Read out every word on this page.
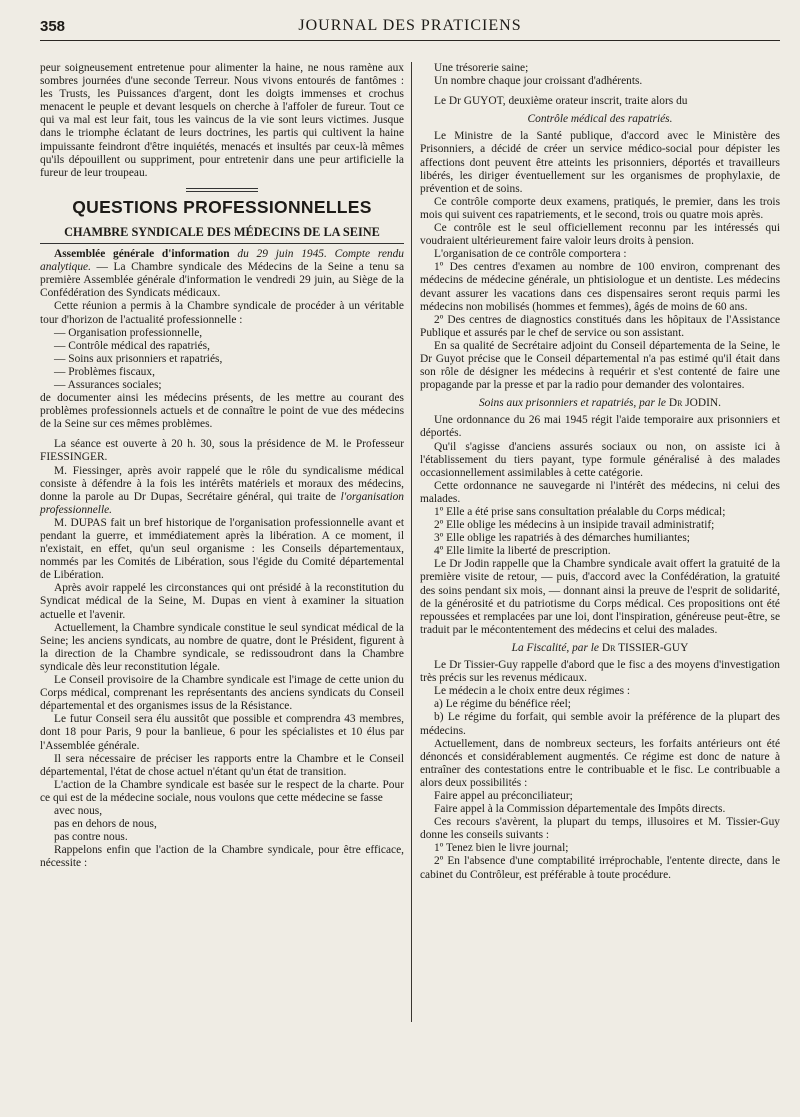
358	JOURNAL DES PRATICIENS

peur soigneusement entretenue pour alimenter la haine, ne nous ramène aux sombres journées d'une seconde Terreur. Nous vivons entourés de fantômes : les Trusts, les Puissances d'argent, dont les doigts immenses et crochus menacent le peuple et devant lesquels on cherche à l'affoler de fureur. Tout ce qui va mal est leur fait, tous les vaincus de la vie sont leurs victimes. Jusque dans le triomphe éclatant de leurs doctrines, les partis qui cultivent la haine impuissante feindront d'être inquiétés, menacés et insultés par ceux-là mêmes qu'ils dépouillent ou suppriment, pour entretenir dans une peur artificielle la fureur de leur troupeau.

QUESTIONS PROFESSIONNELLES
CHAMBRE SYNDICALE DES MÉDECINS DE LA SEINE

Assemblée générale d'information du 29 juin 1945. Compte rendu analytique. — La Chambre syndicale des Médecins de la Seine a tenu sa première Assemblée générale d'information le vendredi 29 juin, au Siège de la Confédération des Syndicats médicaux.

Cette réunion a permis à la Chambre syndicale de procéder à un véritable tour d'horizon de l'actualité professionnelle :

— Organisation professionnelle,

— Contrôle médical des rapatriés,

— Soins aux prisonniers et rapatriés,

— Problèmes fiscaux,

— Assurances sociales;

de documenter ainsi les médecins présents, de les mettre au courant des problèmes professionnels actuels et de connaître le point de vue des médecins de la Seine sur ces mêmes problèmes.

La séance est ouverte à 20 h. 30, sous la présidence de M. le Professeur FIESSINGER.

M. Fiessinger, après avoir rappelé que le rôle du syndicalisme médical consiste à défendre à la fois les intérêts matériels et moraux des médecins, donne la parole au Dr Dupas, Secrétaire général, qui traite de l'organisation professionnelle.

M. DUPAS fait un bref historique de l'organisation professionnelle avant et pendant la guerre, et immédiatement après la libération. A ce moment, il n'existait, en effet, qu'un seul organisme : les Conseils départementaux, nommés par les Comités de Libération, sous l'égide du Comité départemental de Libération.

Après avoir rappelé les circonstances qui ont présidé à la reconstitution du Syndicat médical de la Seine, M. Dupas en vient à examiner la situation actuelle et l'avenir.

Actuellement, la Chambre syndicale constitue le seul syndicat médical de la Seine; les anciens syndicats, au nombre de quatre, dont le Président, figurent à la direction de la Chambre syndicale, se redissoudront dans la Chambre syndicale dès leur reconstitution légale.

Le Conseil provisoire de la Chambre syndicale est l'image de cette union du Corps médical, comprenant les représentants des anciens syndicats du Conseil départemental et des organismes issus de la Résistance.

Le futur Conseil sera élu aussitôt que possible et comprendra 43 membres, dont 18 pour Paris, 9 pour la banlieue, 6 pour les spécialistes et 10 élus par l'Assemblée générale.

Il sera nécessaire de préciser les rapports entre la Chambre et le Conseil départemental, l'état de chose actuel n'étant qu'un état de transition.

L'action de la Chambre syndicale est basée sur le respect de la charte. Pour ce qui est de la médecine sociale, nous voulons que cette médecine se fasse

avec nous,

pas en dehors de nous,

pas contre nous.

Rappelons enfin que l'action de la Chambre syndicale, pour être efficace, nécessite :

Une trésorerie saine;

Un nombre chaque jour croissant d'adhérents.

Le Dr GUYOT, deuxième orateur inscrit, traite alors du

Contrôle médical des rapatriés.

Le Ministre de la Santé publique, d'accord avec le Ministère des Prisonniers, a décidé de créer un service médico-social pour dépister les affections dont peuvent être atteints les prisonniers, déportés et travailleurs libérés, les diriger éventuellement sur les organismes de prophylaxie, de prévention et de soins.

Ce contrôle comporte deux examens, pratiqués, le premier, dans les trois mois qui suivent ces rapatriements, et le second, trois ou quatre mois après.

Ce contrôle est le seul officiellement reconnu par les intéressés qui voudraient ultérieurement faire valoir leurs droits à pension.

L'organisation de ce contrôle comportera :

1º Des centres d'examen au nombre de 100 environ, comprenant des médecins de médecine générale, un phtisiologue et un dentiste. Les médecins devant assurer les vacations dans ces dispensaires seront requis parmi les médecins non mobilisés (hommes et femmes), âgés de moins de 60 ans.

2º Des centres de diagnostics constitués dans les hôpitaux de l'Assistance Publique et assurés par le chef de service ou son assistant.

En sa qualité de Secrétaire adjoint du Conseil départementa de la Seine, le Dr Guyot précise que le Conseil départemental n'a pas estimé qu'il était dans son rôle de désigner les médecins à requérir et s'est contenté de faire une propagande par la presse et par la radio pour demander des volontaires.

Soins aux prisonniers et rapatriés, par le Dr JODIN.

Une ordonnance du 26 mai 1945 régit l'aide temporaire aux prisonniers et déportés.

Qu'il s'agisse d'anciens assurés sociaux ou non, on assiste ici à l'établissement du tiers payant, type formule généralisé à des malades occasionnellement assimilables à cette catégorie.

Cette ordonnance ne sauvegarde ni l'intérêt des médecins, ni celui des malades.

1º Elle a été prise sans consultation préalable du Corps médical;

2º Elle oblige les médecins à un insipide travail administratif;

3º Elle oblige les rapatriés à des démarches humiliantes;

4º Elle limite la liberté de prescription.

Le Dr Jodin rappelle que la Chambre syndicale avait offert la gratuité de la première visite de retour, — puis, d'accord avec la Confédération, la gratuité des soins pendant six mois, — donnant ainsi la preuve de l'esprit de solidarité, de la générosité et du patriotisme du Corps médical. Ces propositions ont été repoussées et remplacées par une loi, dont l'inspiration, généreuse peut-être, se traduit par le mécontentement des médecins et celui des malades.

La Fiscalité, par le Dr TISSIER-GUY

Le Dr Tissier-Guy rappelle d'abord que le fisc a des moyens d'investigation très précis sur les revenus médicaux.

Le médecin a le choix entre deux régimes :

a) Le régime du bénéfice réel;

b) Le régime du forfait, qui semble avoir la préférence de la plupart des médecins.

Actuellement, dans de nombreux secteurs, les forfaits antérieurs ont été dénoncés et considérablement augmentés. Ce régime est donc de nature à entraîner des contestations entre le contribuable et le fisc. Le contribuable a alors deux possibilités :

Faire appel au préconciliateur;

Faire appel à la Commission départementale des Impôts directs.

Ces recours s'avèrent, la plupart du temps, illusoires et M. Tissier-Guy donne les conseils suivants :

1º Tenez bien le livre journal;

2º En l'absence d'une comptabilité irréprochable, l'entente directe, dans le cabinet du Contrôleur, est préférable à toute procédure.
